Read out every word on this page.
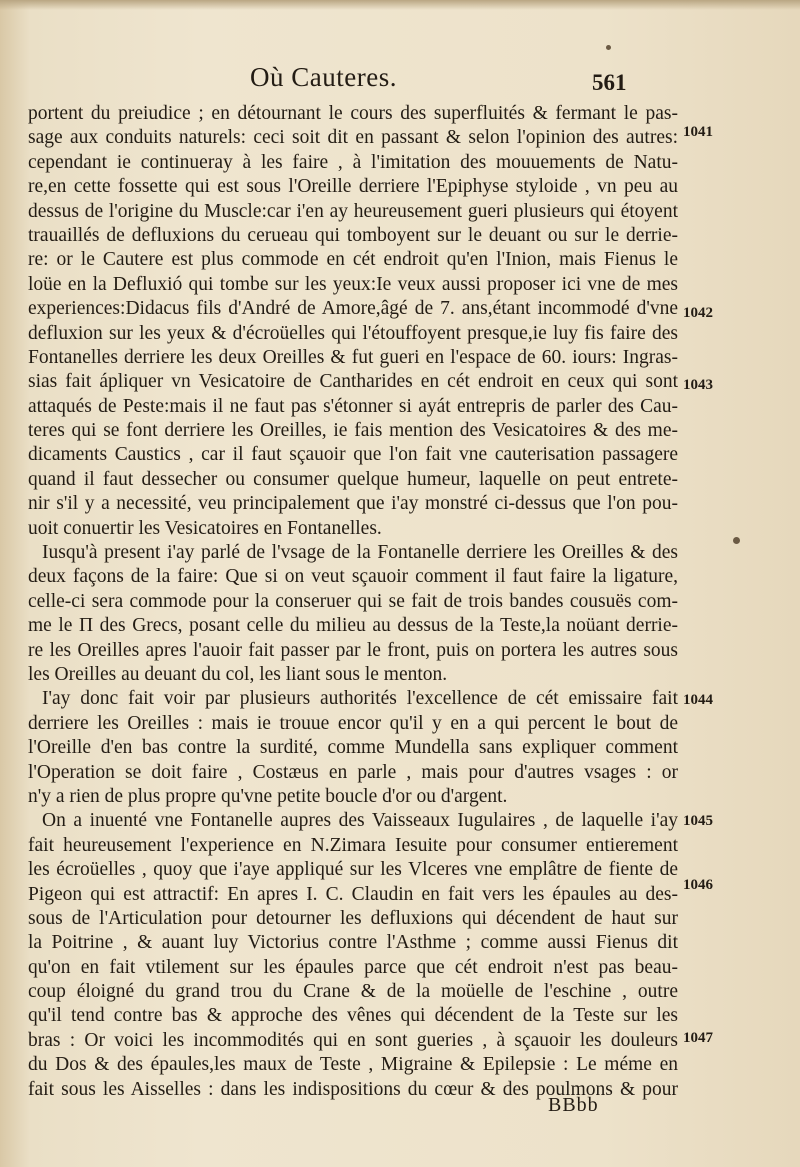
Où Cauteres.	561
portent du preiudice ; en détournant le cours des superfluités & fermant le pas-
sage aux conduits naturels: ceci soit dit en passant & selon l'opinion des autres:
cependant ie continueray à les faire , à l'imitation des mouuements de Natu-
re,en cette fossette qui est sous l'Oreille derriere l'Epiphyse styloide , vn peu au
dessus de l'origine du Muscle:car i'en ay heureusement gueri plusieurs qui étoyent
trauaillés de defluxions du cerueau qui tomboyent sur le deuant ou sur le derrie-
re: or le Cautere est plus commode en cét endroit qu'en l'Inion, mais Fienus le
loüe en la Defluxió qui tombe sur les yeux:Ie veux aussi proposer ici vne de mes
experiences:Didacus fils d'André de Amore,âgé de 7. ans,étant incommodé d'vne
defluxion sur les yeux & d'écroüelles qui l'étouffoyent presque,ie luy fis faire des
Fontanelles derriere les deux Oreilles & fut gueri en l'espace de 60. iours: Ingras-
sias fait ápliquer vn Vesicatoire de Cantharides en cét endroit en ceux qui sont
attaqués de Peste:mais il ne faut pas s'étonner si ayát entrepris de parler des Cau-
teres qui se font derriere les Oreilles, ie fais mention des Vesicatoires & des me-
dicaments Caustics , car il faut sçauoir que l'on fait vne cauterisation passagere
quand il faut dessecher ou consumer quelque humeur, laquelle on peut entrete-
nir s'il y a necessité, veu principalement que i'ay monstré ci-dessus que l'on pou-
uoit conuertir les Vesicatoires en Fontanelles.
Iusqu'à present i'ay parlé de l'vsage de la Fontanelle derriere les Oreilles & des
deux façons de la faire: Que si on veut sçauoir comment il faut faire la ligature,
celle-ci sera commode pour la conseruer qui se fait de trois bandes cousuës com-
me le Π des Grecs, posant celle du milieu au dessus de la Teste,la noüant derrie-
re les Oreilles apres l'auoir fait passer par le front, puis on portera les autres sous
les Oreilles au deuant du col, les liant sous le menton.
I'ay donc fait voir par plusieurs authorités l'excellence de cét emissaire fait
derriere les Oreilles : mais ie trouue encor qu'il y en a qui percent le bout de
l'Oreille d'en bas contre la surdité, comme Mundella sans expliquer comment
l'Operation se doit faire , Costæus en parle , mais pour d'autres vsages : or
n'y a rien de plus propre qu'vne petite boucle d'or ou d'argent.
On a inuenté vne Fontanelle aupres des Vaisseaux Iugulaires , de laquelle i'ay
fait heureusement l'experience en N.Zimara Iesuite pour consumer entierement
les écroüelles , quoy que i'aye appliqué sur les Vlceres vne emplâtre de fiente de
Pigeon qui est attractif: En apres I. C. Claudin en fait vers les épaules au des-
sous de l'Articulation pour detourner les defluxions qui décendent de haut sur
la Poitrine , & auant luy Victorius contre l'Asthme ; comme aussi Fienus dit
qu'on en fait vtilement sur les épaules parce que cét endroit n'est pas beau-
coup éloigné du grand trou du Crane & de la moüelle de l'eschine , outre
qu'il tend contre bas & approche des vênes qui décendent de la Teste sur les
bras : Or voici les incommodités qui en sont gueries , à sçauoir les douleurs
du Dos & des épaules,les maux de Teste , Migraine & Epilepsie : Le méme en
fait sous les Aisselles : dans les indispositions du cœur & des poulmons & pour
1041
1042
1043
1044
1045
1046
1047
BBbb
